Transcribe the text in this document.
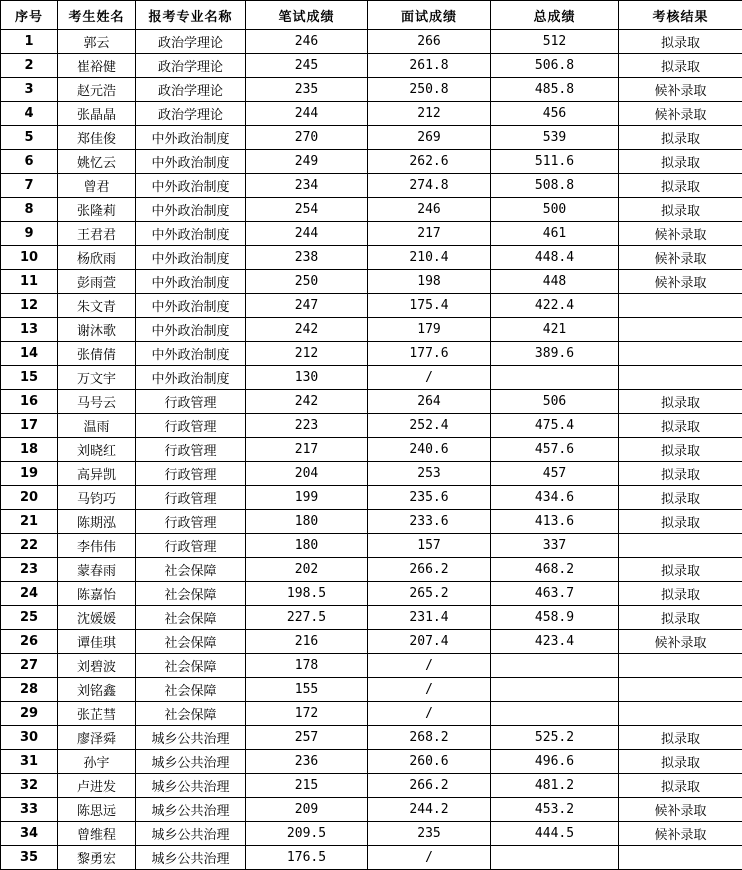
序号	考生姓名	报考专业名称	笔试成绩	面试成绩	总成绩	考核结果
1	郭云	政治学理论	246	266	512	拟录取
2	崔裕健	政治学理论	245	261.8	506.8	拟录取
3	赵元浩	政治学理论	235	250.8	485.8	候补录取
4	张晶晶	政治学理论	244	212	456	候补录取
5	郑佳俊	中外政治制度	270	269	539	拟录取
6	姚忆云	中外政治制度	249	262.6	511.6	拟录取
7	曾君	中外政治制度	234	274.8	508.8	拟录取
8	张隆莉	中外政治制度	254	246	500	拟录取
9	王君君	中外政治制度	244	217	461	候补录取
10	杨欣雨	中外政治制度	238	210.4	448.4	候补录取
11	彭雨萱	中外政治制度	250	198	448	候补录取
12	朱文青	中外政治制度	247	175.4	422.4	
13	谢沐歌	中外政治制度	242	179	421	
14	张倩倩	中外政治制度	212	177.6	389.6	
15	万文宇	中外政治制度	130	/		
16	马号云	行政管理	242	264	506	拟录取
17	温雨	行政管理	223	252.4	475.4	拟录取
18	刘晓红	行政管理	217	240.6	457.6	拟录取
19	高异凯	行政管理	204	253	457	拟录取
20	马钧巧	行政管理	199	235.6	434.6	拟录取
21	陈期泓	行政管理	180	233.6	413.6	拟录取
22	李伟伟	行政管理	180	157	337	
23	蒙春雨	社会保障	202	266.2	468.2	拟录取
24	陈嘉怡	社会保障	198.5	265.2	463.7	拟录取
25	沈媛媛	社会保障	227.5	231.4	458.9	拟录取
26	谭佳琪	社会保障	216	207.4	423.4	候补录取
27	刘碧波	社会保障	178	/		
28	刘铭鑫	社会保障	155	/		
29	张芷彗	社会保障	172	/		
30	廖泽舜	城乡公共治理	257	268.2	525.2	拟录取
31	孙宇	城乡公共治理	236	260.6	496.6	拟录取
32	卢进发	城乡公共治理	215	266.2	481.2	拟录取
33	陈思远	城乡公共治理	209	244.2	453.2	候补录取
34	曾维程	城乡公共治理	209.5	235	444.5	候补录取
35	黎勇宏	城乡公共治理	176.5	/		
